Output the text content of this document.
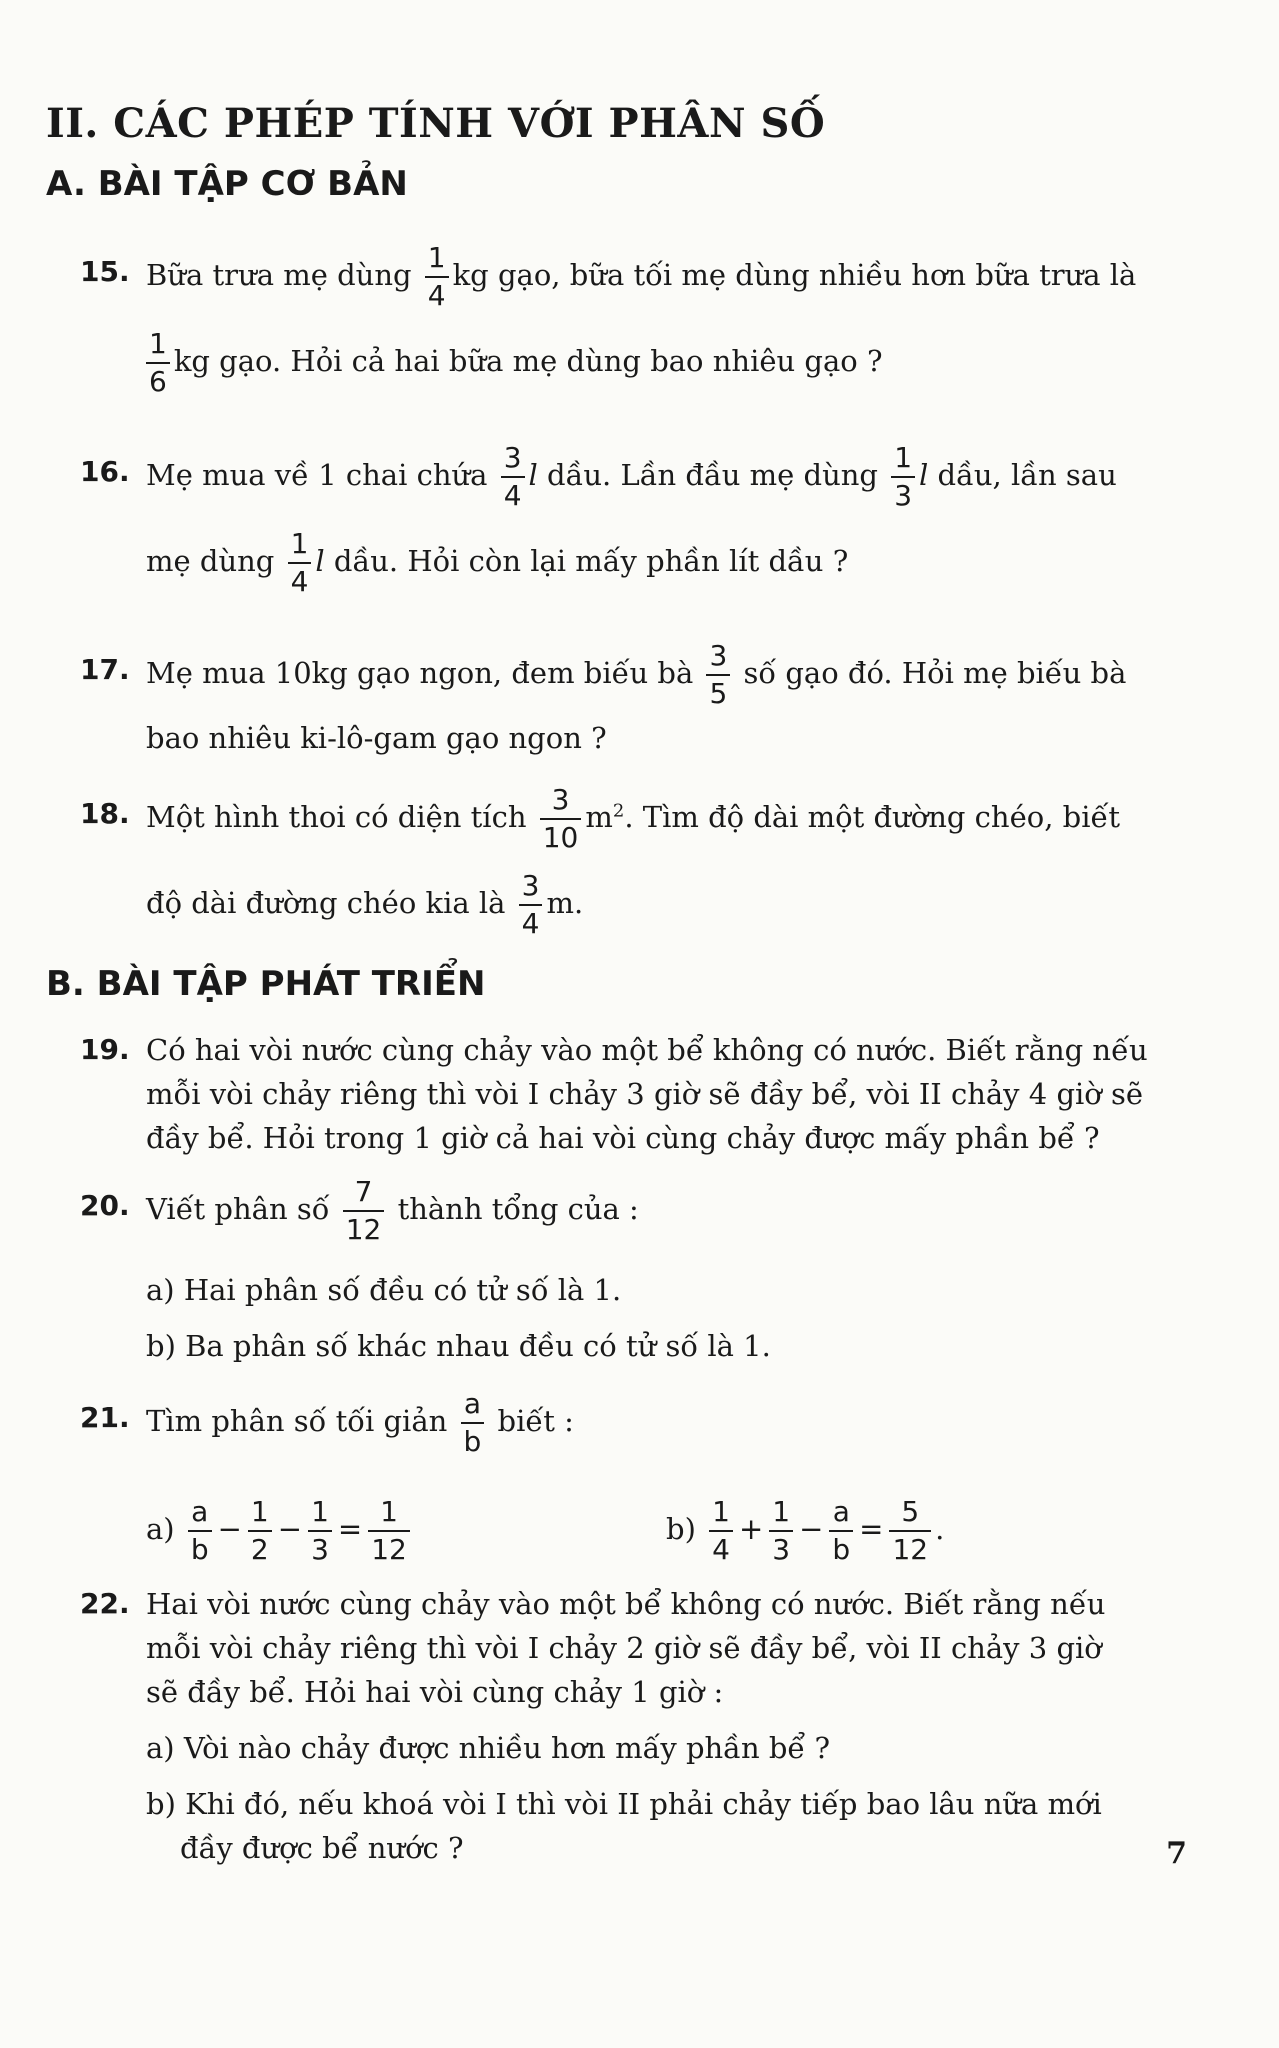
II. CÁC PHÉP TÍNH VỚI PHÂN SỐ
A. BÀI TẬP CƠ BẢN
15. Bữa trưa mẹ dùng $\frac{1}{4}$ kg gạo, bữa tối mẹ dùng nhiều hơn bữa trưa là
$\frac{1}{6}$ kg gạo. Hỏi cả hai bữa mẹ dùng bao nhiêu gạo ?
16. Mẹ mua về 1 chai chứa $\frac{3}{4}$ l dầu. Lần đầu mẹ dùng $\frac{1}{3}$ l dầu, lần sau
mẹ dùng $\frac{1}{4}$ l dầu. Hỏi còn lại mấy phần lít dầu ?
17. Mẹ mua 10kg gạo ngon, đem biếu bà $\frac{3}{5}$ số gạo đó. Hỏi mẹ biếu bà
bao nhiêu ki-lô-gam gạo ngon ?
18. Một hình thoi có diện tích $\frac{3}{10} m^2$. Tìm độ dài một đường chéo, biết
độ dài đường chéo kia là $\frac{3}{4} m$.
B. BÀI TẬP PHÁT TRIỂN
19. Có hai vòi nước cùng chảy vào một bể không có nước. Biết rằng nếu
mỗi vòi chảy riêng thì vòi I chảy 3 giờ sẽ đầy bể, vòi II chảy 4 giờ sẽ
đầy bể. Hỏi trong 1 giờ cả hai vòi cùng chảy được mấy phần bể ?
20. Viết phân số $\frac{7}{12}$ thành tổng của :
a) Hai phân số đều có tử số là 1.
b) Ba phân số khác nhau đều có tử số là 1.
21. Tìm phân số tối giản $\frac{a}{b}$ biết :
$a) \frac{a}{b} - \frac{1}{2} - \frac{1}{3} = \frac{1}{12}$	$b) \frac{1}{4} + \frac{1}{3} - \frac{a}{b} = \frac{5}{12}$ .
22. Hai vòi nước cùng chảy vào một bể không có nước. Biết rằng nếu
mỗi vòi chảy riêng thì vòi I chảy 2 giờ sẽ đầy bể, vòi II chảy 3 giờ
sẽ đầy bể. Hỏi hai vòi cùng chảy 1 giờ :
a) Vòi nào chảy được nhiều hơn mấy phần bể ?
b) Khi đó, nếu khoá vòi I thì vòi II phải chảy tiếp bao lâu nữa mới
đầy được bể nước ?	7
